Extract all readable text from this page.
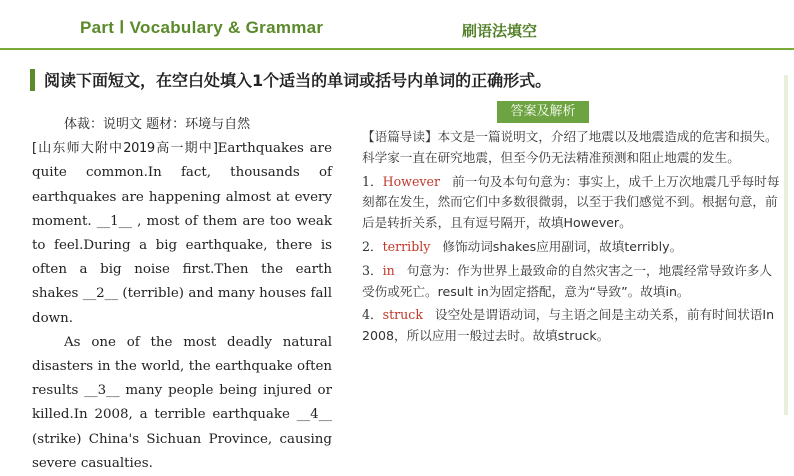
Part Ⅰ Vocabulary & Grammar	刷语法填空
阅读下面短文，在空白处填入1个适当的单词或括号内单词的正确形式。
答案及解析

体裁：说明文 题材：环境与自然

[山东师大附中2019高一期中]Earthquakes are quite common.In fact, thousands of earthquakes are happening almost at every moment. __1__ , most of them are too weak to feel.During a big earthquake, there is often a big noise first.Then the earth shakes __2__ (terrible) and many houses fall down.

As one of the most deadly natural disasters in the world, the earthquake often results __3__ many people being injured or killed.In 2008, a terrible earthquake __4__ (strike) China's Sichuan Province, causing severe casualties.

【语篇导读】本文是一篇说明文，介绍了地震以及地震造成的危害和损失。科学家一直在研究地震，但至今仍无法精准预测和阻止地震的发生。

1．However 前一句及本句句意为：事实上，成千上万次地震几乎每时每刻都在发生，然而它们中多数很微弱，以至于我们感觉不到。根据句意，前后是转折关系，且有逗号隔开，故填However。

2．terribly 修饰动词shakes应用副词，故填terribly。

3．in 句意为：作为世界上最致命的自然灾害之一，地震经常导致许多人受伤或死亡。result in为固定搭配，意为“导致”。故填in。

4．struck 设空处是谓语动词，与主语之间是主动关系，前有时间状语In 2008，所以应用一般过去时。故填struck。
